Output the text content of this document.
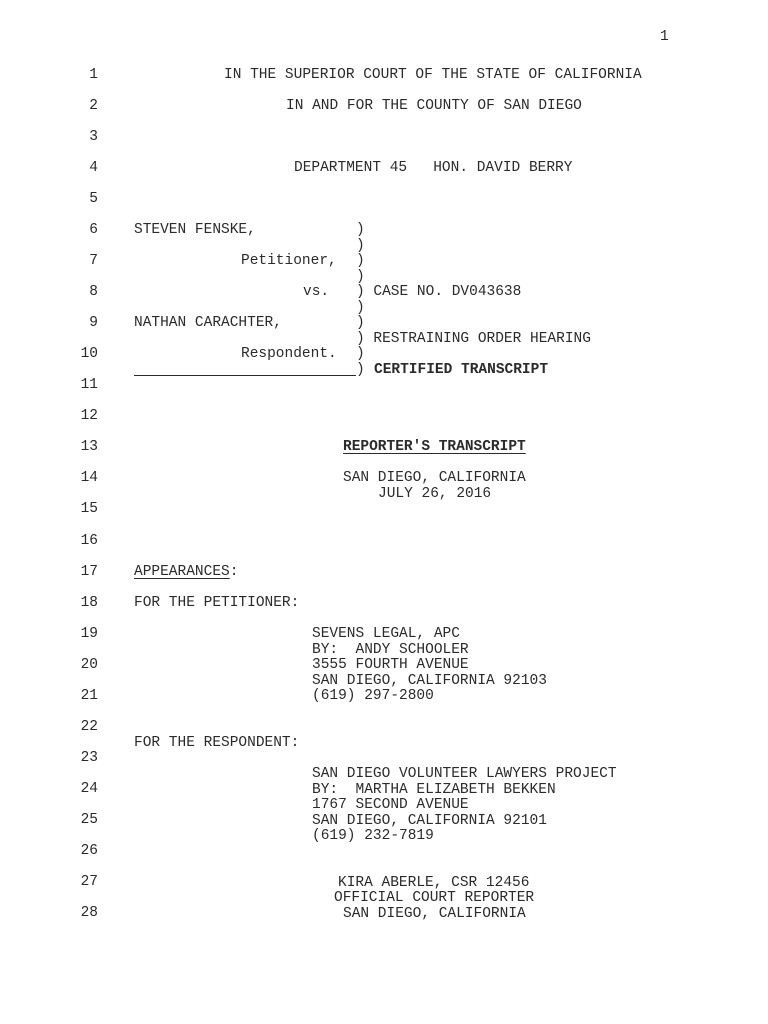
1
1
2
3
4
5
6
7
8
9
10
11
12
13
14
15
16
17
18
19
20
21
22
23
24
25
26
27
28
IN THE SUPERIOR COURT OF THE STATE OF CALIFORNIA
IN AND FOR THE COUNTY OF SAN DIEGO
DEPARTMENT 45   HON. DAVID BERRY
STEVEN FENSKE,
Petitioner,
vs.
NATHAN CARACHTER,
Respondent.
)
)
)
)
) CASE NO. DV043638
)
)
) RESTRAINING ORDER HEARING
)
) CERTIFIED TRANSCRIPT
REPORTER'S TRANSCRIPT
SAN DIEGO, CALIFORNIA
JULY 26, 2016
APPEARANCES:
FOR THE PETITIONER:
SEVENS LEGAL, APC
BY:  ANDY SCHOOLER
3555 FOURTH AVENUE
SAN DIEGO, CALIFORNIA 92103
(619) 297-2800
FOR THE RESPONDENT:
SAN DIEGO VOLUNTEER LAWYERS PROJECT
BY:  MARTHA ELIZABETH BEKKEN
1767 SECOND AVENUE
SAN DIEGO, CALIFORNIA 92101
(619) 232-7819
KIRA ABERLE, CSR 12456
OFFICIAL COURT REPORTER
SAN DIEGO, CALIFORNIA
